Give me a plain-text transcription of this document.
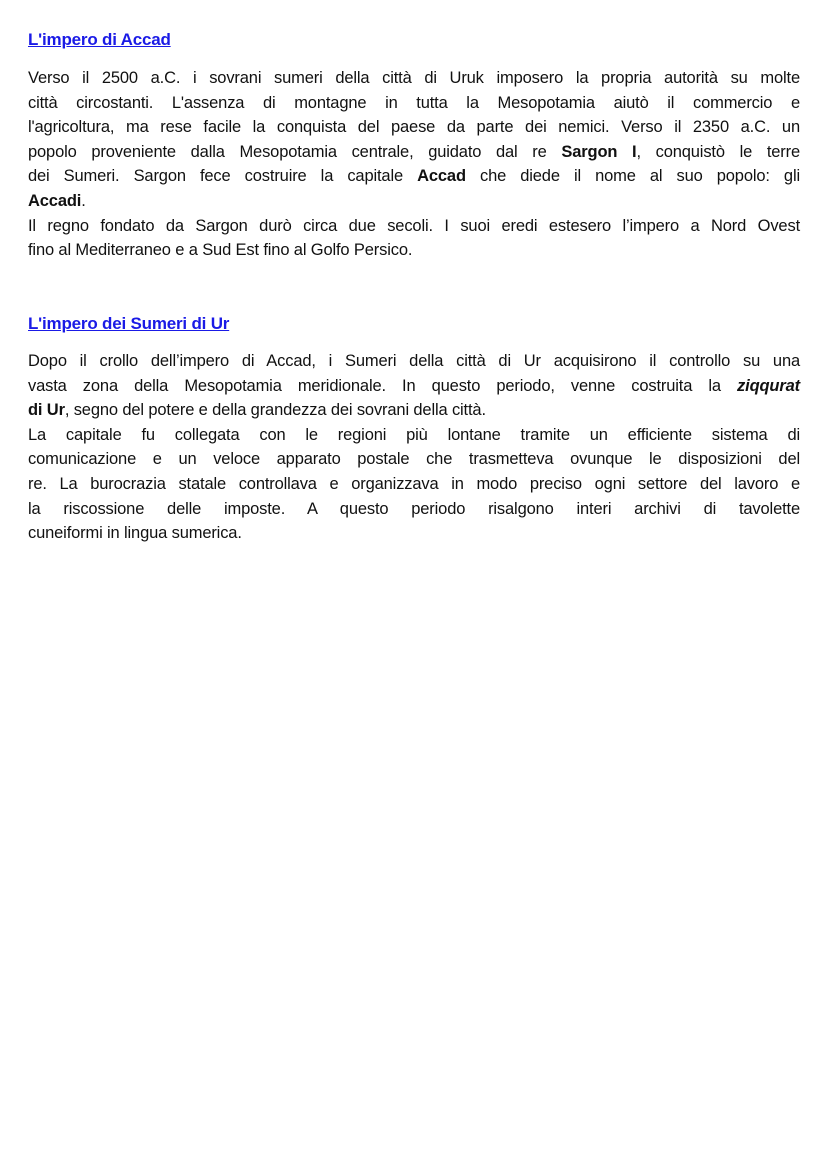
L'impero di Accad
Verso il 2500 a.C. i sovrani sumeri della città di Uruk imposero la propria autorità su molte
città circostanti. L'assenza di montagne in tutta la Mesopotamia aiutò il commercio e
l'agricoltura, ma rese facile la conquista del paese da parte dei nemici. Verso il 2350 a.C. un
popolo proveniente dalla Mesopotamia centrale, guidato dal re Sargon I, conquistò le terre
dei Sumeri. Sargon fece costruire la capitale Accad che diede il nome al suo popolo: gli
Accadi.
Il regno fondato da Sargon durò circa due secoli. I suoi eredi estesero l’impero a Nord Ovest
fino al Mediterraneo e a Sud Est fino al Golfo Persico.
L'impero dei Sumeri di Ur
Dopo il crollo dell’impero di Accad, i Sumeri della città di Ur acquisirono il controllo su una
vasta zona della Mesopotamia meridionale. In questo periodo, venne costruita la ziqqurat
di Ur, segno del potere e della grandezza dei sovrani della città.
La capitale fu collegata con le regioni più lontane tramite un efficiente sistema di
comunicazione e un veloce apparato postale che trasmetteva ovunque le disposizioni del
re. La burocrazia statale controllava e organizzava in modo preciso ogni settore del lavoro e
la riscossione delle imposte. A questo periodo risalgono interi archivi di tavolette
cuneiformi in lingua sumerica.
